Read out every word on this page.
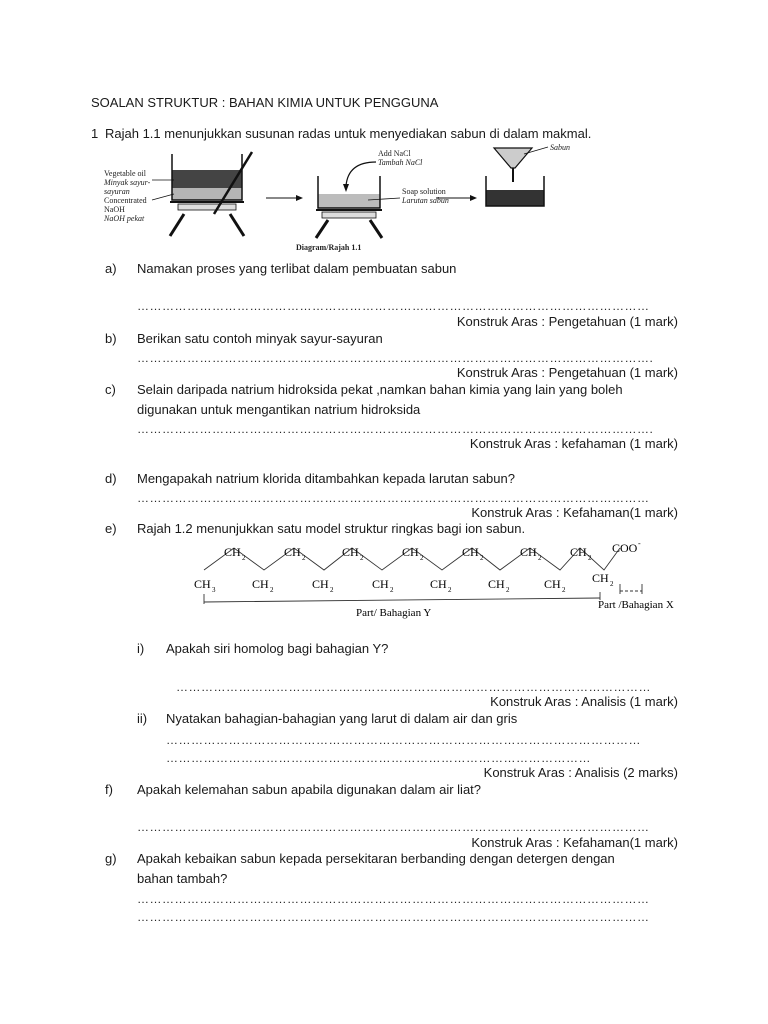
SOALAN STRUKTUR : BAHAN KIMIA UNTUK PENGGUNA
1 Rajah 1.1 menunjukkan susunan radas untuk menyediakan sabun di dalam makmal.
Vegetable oil
Minyak sayur-
sayuran
Concentrated
NaOH
NaOH pekat
Add NaCl
Tambah NaCl
Soap solution
Larutan sabun
Diagram/Rajah 1.1
Sabun
a) Namakan proses yang terlibat dalam pembuatan sabun
……………………………………………………………………………………………………………
Konstruk Aras : Pengetahuan (1 mark)
b) Berikan satu contoh minyak sayur-sayuran
…………………………………………………………………………………………………………….
Konstruk Aras : Pengetahuan (1 mark)
c) Selain daripada natrium hidroksida pekat ,namkan bahan kimia yang lain yang boleh
digunakan untuk mengantikan natrium hidroksida
…………………………………………………………………………………………………………….
Konstruk Aras : kefahaman (1 mark)
d) Mengapakah natrium klorida ditambahkan kepada larutan sabun?
……………………………………………………………………………………………………………
Konstruk Aras : Kefahaman(1 mark)
e) Rajah 1.2 menunjukkan satu model struktur ringkas bagi ion sabun.
CH	CH	CH	CH	CH	CH	CH
2	2	2	2	2	2	2
COO -
CH	CH	CH	CH	CH	CH	CH	CH
3	2	2	2	2	2	2
2
Part/ Bahagian Y
Part /Bahagian X
i) Apakah siri homolog bagi bahagian Y?
……………………………………………………………………………………………………
Konstruk Aras : Analisis (1 mark)
ii) Nyatakan bahagian-bahagian yang larut di dalam air dan gris
……………………………………………………………………………………………………
…………………………………………………………………………………………
Konstruk Aras : Analisis (2 marks)
f) Apakah kelemahan sabun apabila digunakan dalam air liat?
……………………………………………………………………………………………………………
Konstruk Aras : Kefahaman(1 mark)
g) Apakah kebaikan sabun kepada persekitaran berbanding dengan detergen dengan
bahan tambah?
……………………………………………………………………………………………………………
……………………………………………………………………………………………………………
